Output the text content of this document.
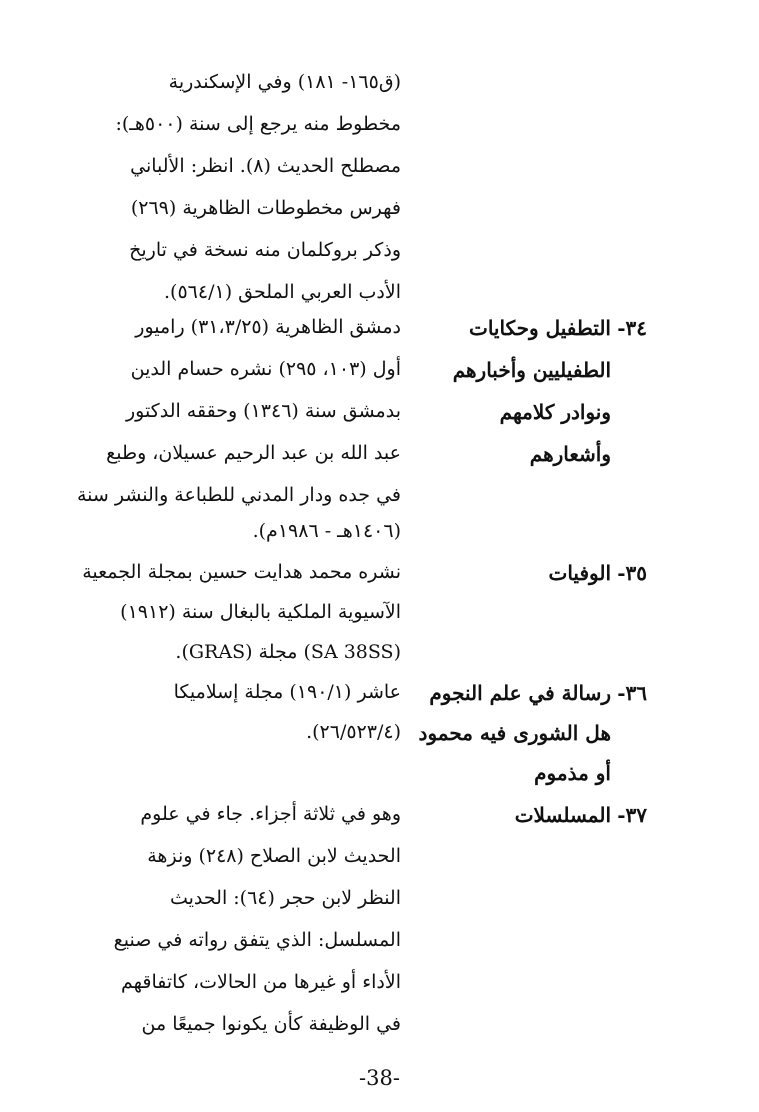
(ق١٦٥- ١٨١) وفي الإسكندرية
مخطوط منه يرجع إلى سنة (٥٠٠هـ):
مصطلح الحديث (٨). انظر: الألباني
فهرس مخطوطات الظاهرية (٢٦٩)
وذكر بروكلمان منه نسخة في تاريخ
الأدب العربي الملحق (٥٦٤/١).
٣٤-
التطفيل وحكايات
الطفيليين وأخبارهم
ونوادر كلامهم
وأشعارهم
دمشق الظاهرية (٣١،٣/٢٥) راميور
أول (١٠٣، ٢٩٥) نشره حسام الدين
بدمشق سنة (١٣٤٦) وحققه الدكتور
عبد الله بن عبد الرحيم عسيلان، وطبع
في جده ودار المدني للطباعة والنشر سنة
(١٤٠٦هـ - ١٩٨٦م).
٣٥-
الوفيات
نشره محمد هدايت حسين بمجلة الجمعية
الآسيوية الملكية بالبغال سنة (١٩١٢)
(SA 38SS) مجلة (GRAS).
٣٦-
رسالة في علم النجوم
هل الشورى فيه محمود
أو مذموم
عاشر (١٩٠/١) مجلة إسلاميكا
(٢٦/٥٢٣/٤).
٣٧-
المسلسلات
وهو في ثلاثة أجزاء. جاء في علوم
الحديث لابن الصلاح (٢٤٨) ونزهة
النظر لابن حجر (٦٤): الحديث
المسلسل: الذي يتفق رواته في صنيع
الأداء أو غيرها من الحالات، كاتفاقهم
في الوظيفة كأن يكونوا جميعًا من
-38-
